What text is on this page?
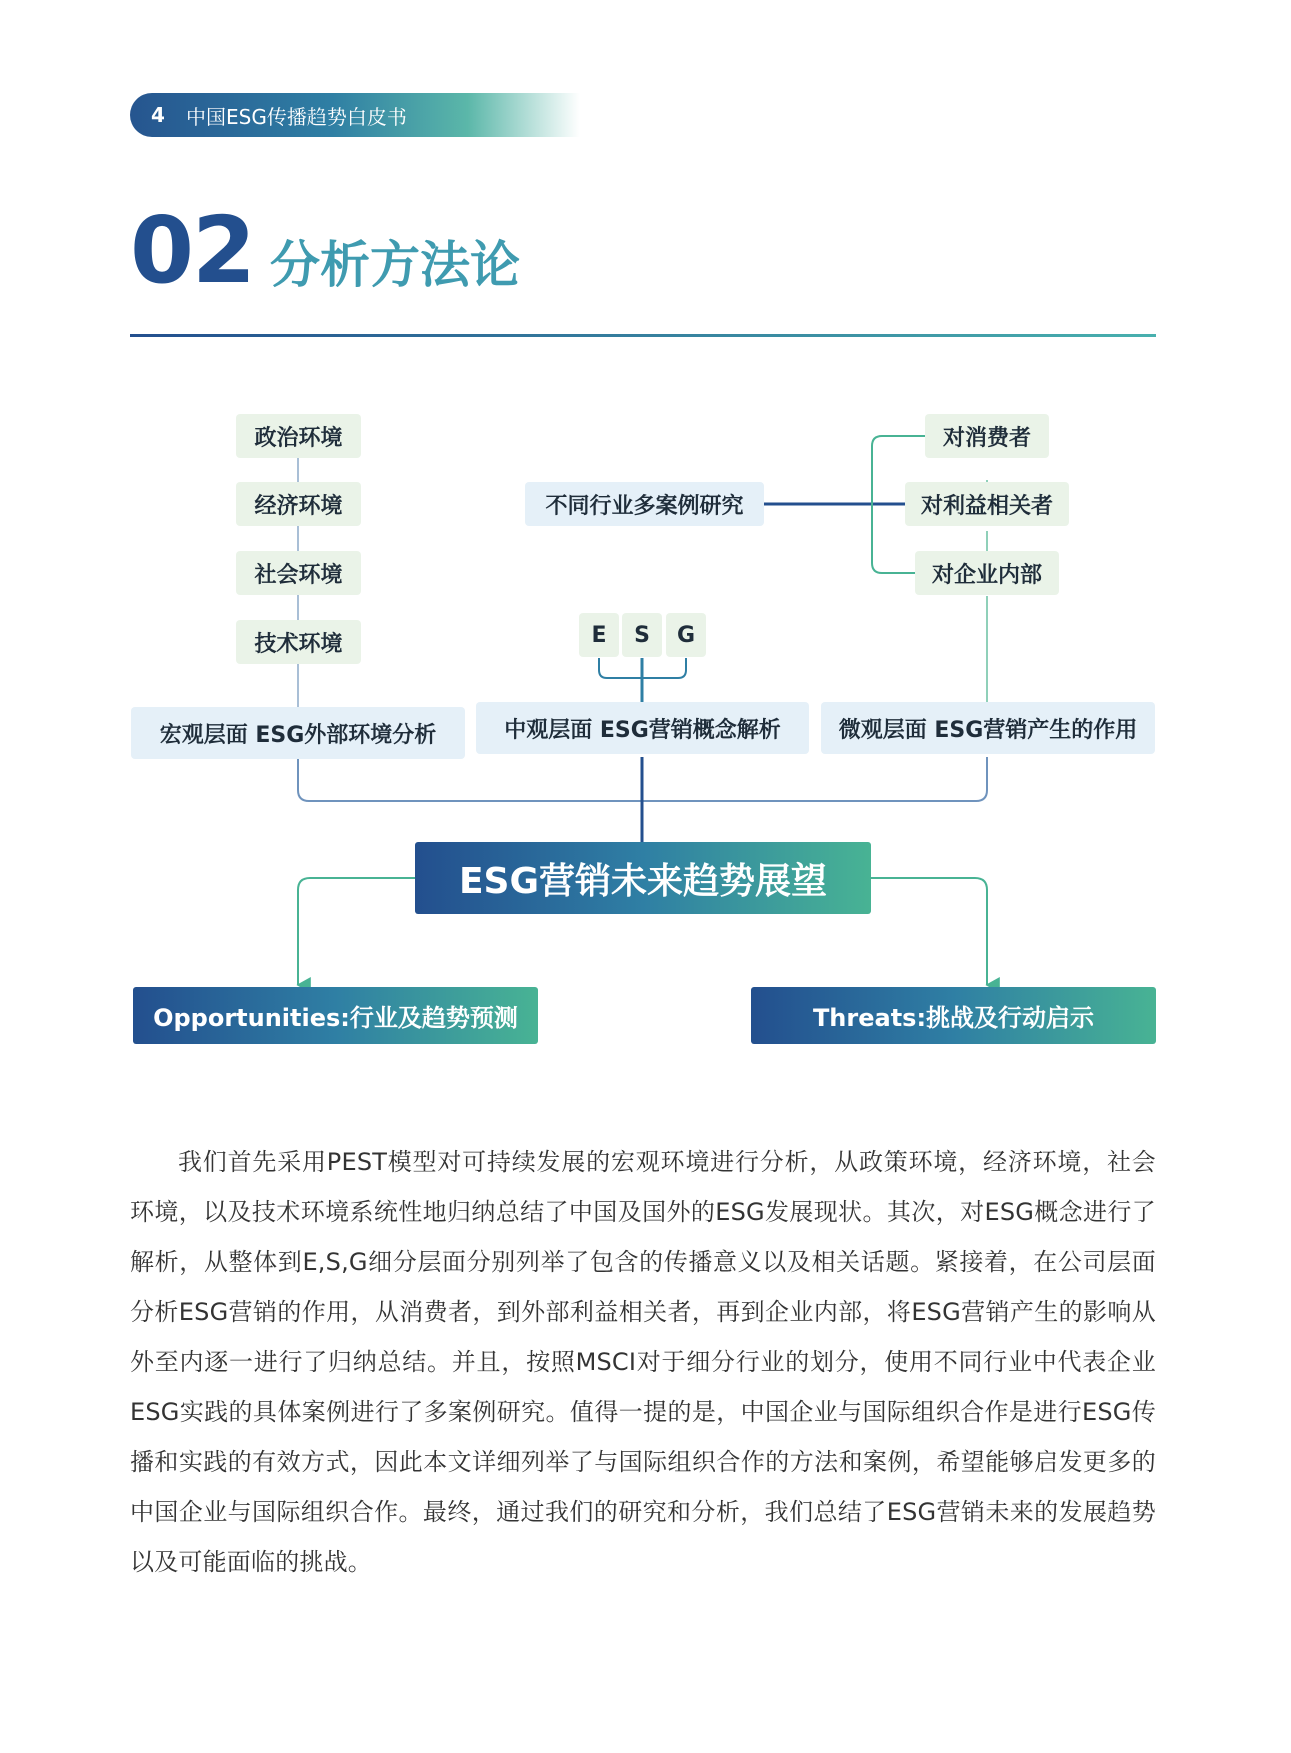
4	中国ESG传播趋势白皮书
02 分析方法论
政治环境
经济环境
社会环境
技术环境
不同行业多案例研究
对消费者
对利益相关者
对企业内部
E	S	G
宏观层面 ESG外部环境分析	中观层面 ESG营销概念解析	微观层面 ESG营销产生的作用
ESG营销未来趋势展望
Opportunities:行业及趋势预测	Threats:挑战及行动启示

我们首先采用PEST模型对可持续发展的宏观环境进行分析，从政策环境，经济环境，社会环境，以及技术环境系统性地归纳总结了中国及国外的ESG发展现状。其次，对ESG概念进行了解析，从整体到E,S,G细分层面分别列举了包含的传播意义以及相关话题。紧接着，在公司层面分析ESG营销的作用，从消费者，到外部利益相关者，再到企业内部，将ESG营销产生的影响从外至内逐一进行了归纳总结。并且，按照MSCI对于细分行业的划分，使用不同行业中代表企业ESG实践的具体案例进行了多案例研究。值得一提的是，中国企业与国际组织合作是进行ESG传播和实践的有效方式，因此本文详细列举了与国际组织合作的方法和案例，希望能够启发更多的中国企业与国际组织合作。最终，通过我们的研究和分析，我们总结了ESG营销未来的发展趋势以及可能面临的挑战。
